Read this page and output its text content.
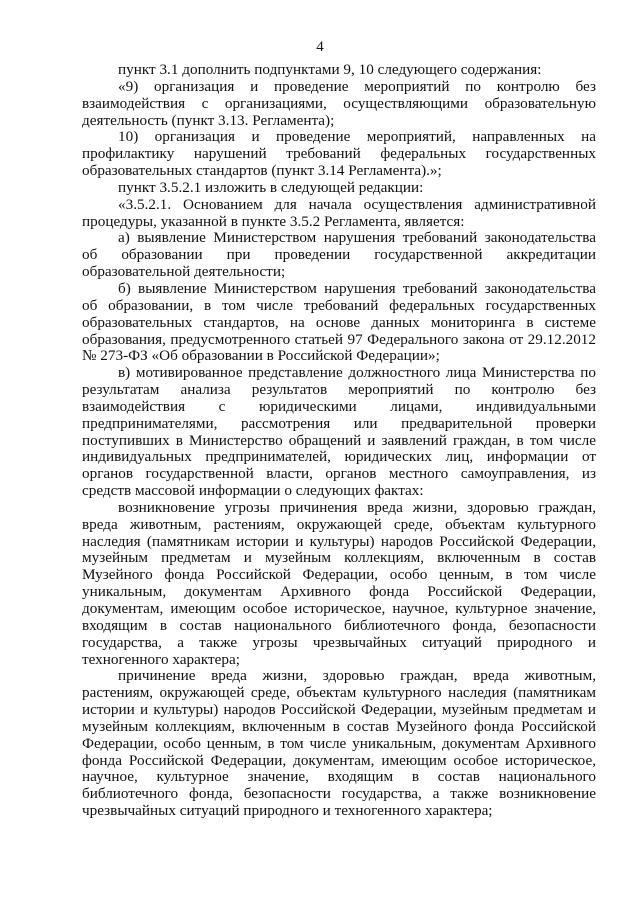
4

пункт 3.1 дополнить подпунктами 9, 10 следующего содержания:

«9) организация и проведение мероприятий по контролю без взаимодействия с организациями, осуществляющими образовательную деятельность (пункт 3.13. Регламента);

10) организация и проведение мероприятий, направленных на профилактику нарушений требований федеральных государственных образовательных стандартов (пункт 3.14 Регламента).»;

пункт 3.5.2.1 изложить в следующей редакции:

«3.5.2.1. Основанием для начала осуществления административной процедуры, указанной в пункте 3.5.2 Регламента, является:

а) выявление Министерством нарушения требований законодательства об образовании при проведении государственной аккредитации образовательной деятельности;

б) выявление Министерством нарушения требований законодательства об образовании, в том числе требований федеральных государственных образовательных стандартов, на основе данных мониторинга в системе образования, предусмотренного статьей 97 Федерального закона от 29.12.2012 № 273-ФЗ «Об образовании в Российской Федерации»;

в) мотивированное представление должностного лица Министерства по результатам анализа результатов мероприятий по контролю без взаимодействия с юридическими лицами, индивидуальными предпринимателями, рассмотрения или предварительной проверки поступивших в Министерство обращений и заявлений граждан, в том числе индивидуальных предпринимателей, юридических лиц, информации от органов государственной власти, органов местного самоуправления, из средств массовой информации о следующих фактах:

возникновение угрозы причинения вреда жизни, здоровью граждан, вреда животным, растениям, окружающей среде, объектам культурного наследия (памятникам истории и культуры) народов Российской Федерации, музейным предметам и музейным коллекциям, включенным в состав Музейного фонда Российской Федерации, особо ценным, в том числе уникальным, документам Архивного фонда Российской Федерации, документам, имеющим особое историческое, научное, культурное значение, входящим в состав национального библиотечного фонда, безопасности государства, а также угрозы чрезвычайных ситуаций природного и техногенного характера;

причинение вреда жизни, здоровью граждан, вреда животным, растениям, окружающей среде, объектам культурного наследия (памятникам истории и культуры) народов Российской Федерации, музейным предметам и музейным коллекциям, включенным в состав Музейного фонда Российской Федерации, особо ценным, в том числе уникальным, документам Архивного фонда Российской Федерации, документам, имеющим особое историческое, научное, культурное значение, входящим в состав национального библиотечного фонда, безопасности государства, а также возникновение чрезвычайных ситуаций природного и техногенного характера;
